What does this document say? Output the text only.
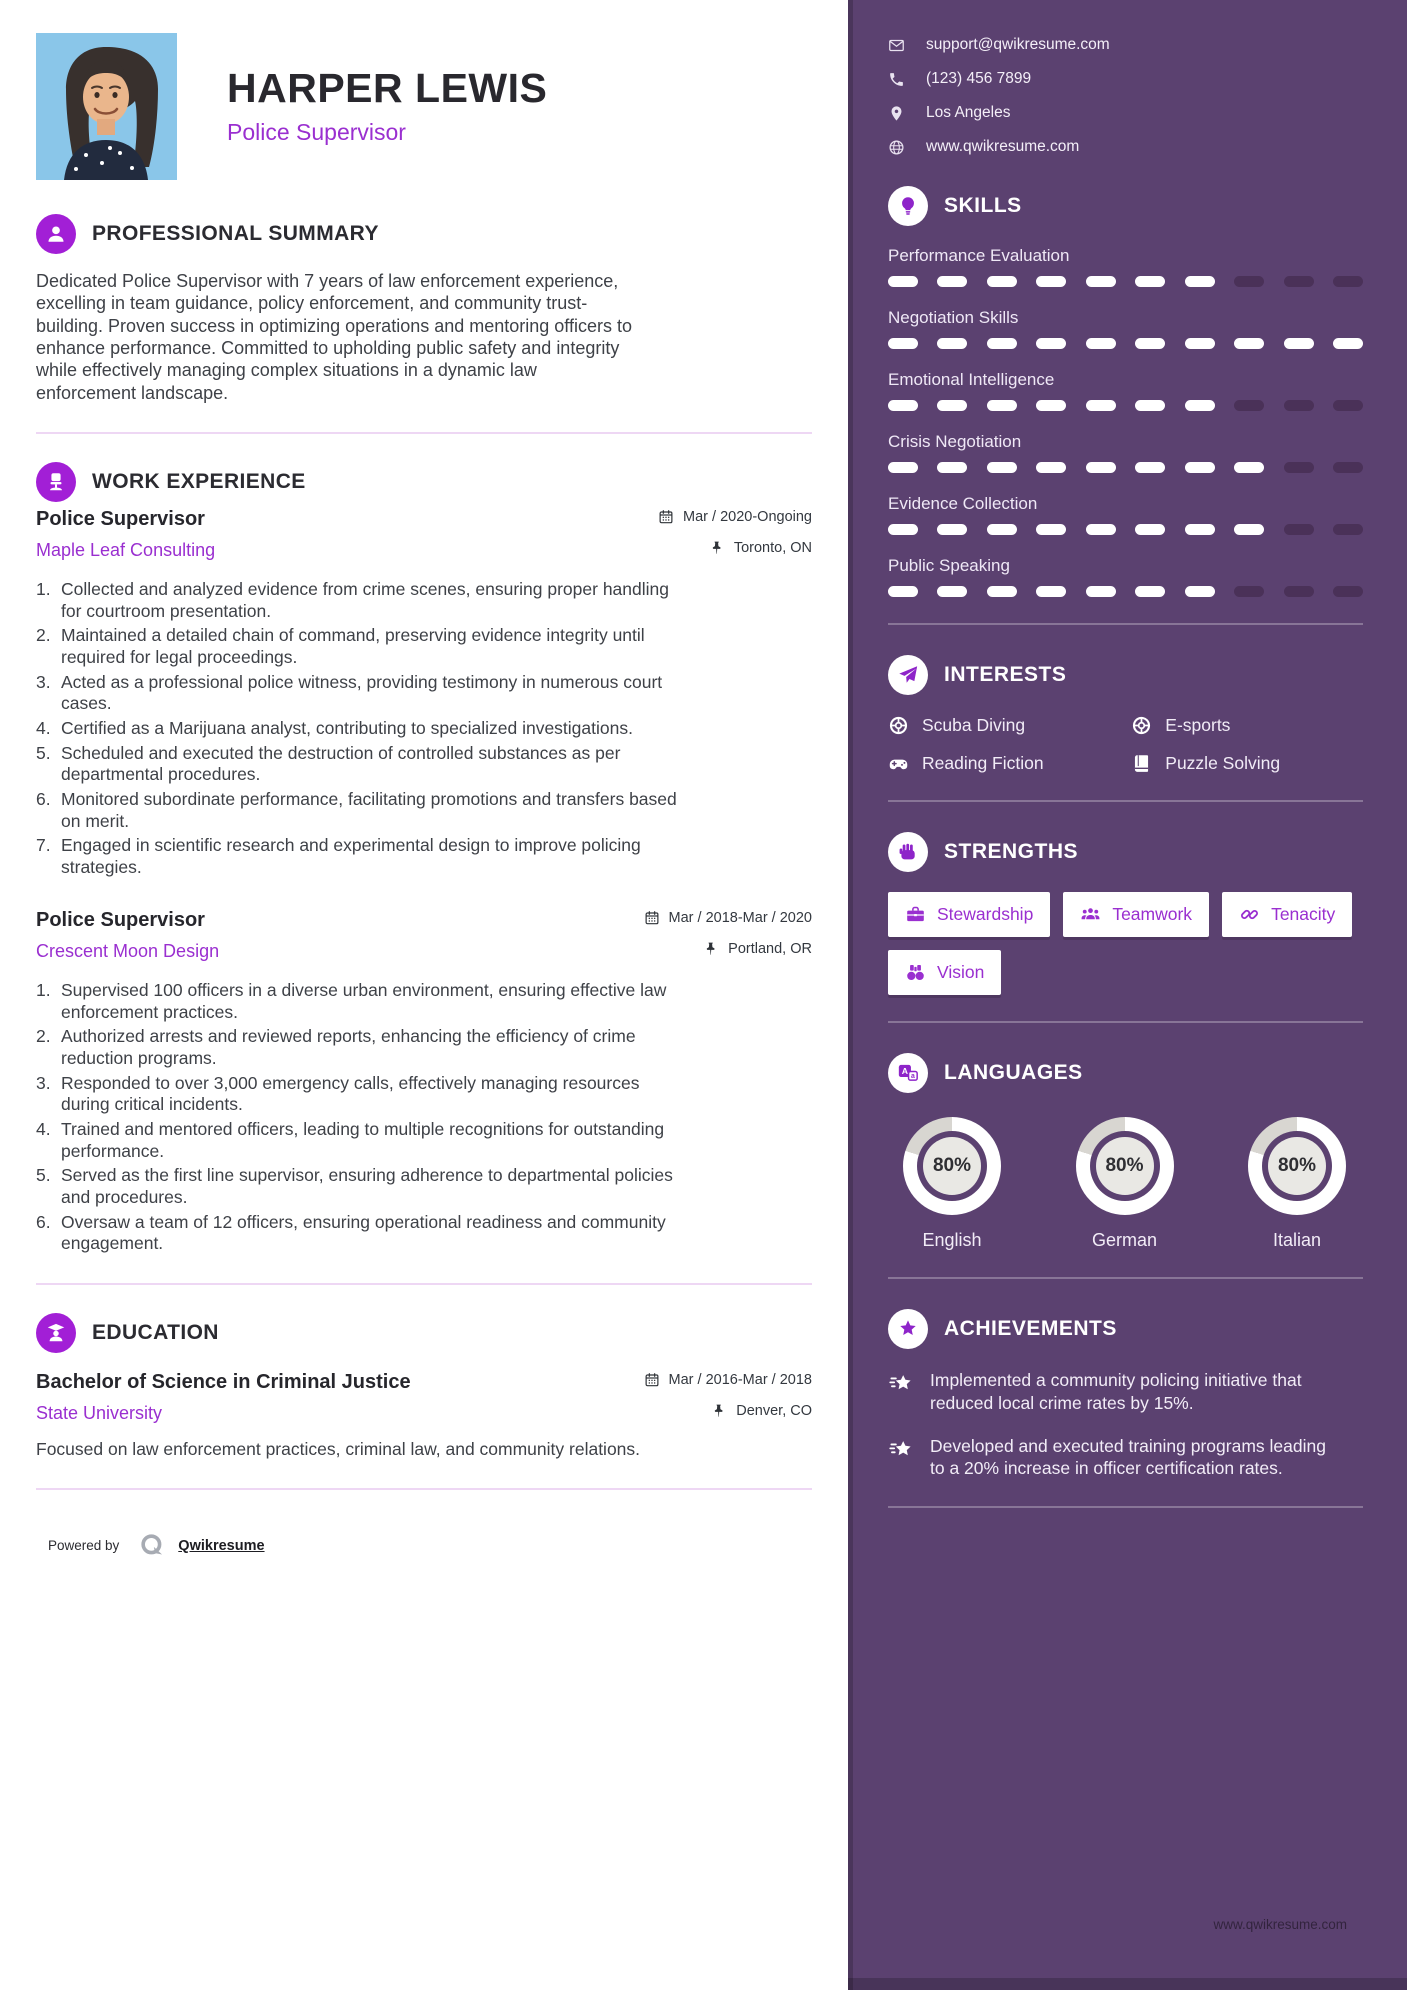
HARPER LEWIS
Police Supervisor
PROFESSIONAL SUMMARY

Dedicated Police Supervisor with 7 years of law enforcement experience, excelling in team guidance, policy enforcement, and community trust-building. Proven success in optimizing operations and mentoring officers to enhance performance. Committed to upholding public safety and integrity while effectively managing complex situations in a dynamic law enforcement landscape.

WORK EXPERIENCE
Police Supervisor	Mar / 2020-Ongoing
Maple Leaf Consulting	Toronto, ON
Collected and analyzed evidence from crime scenes, ensuring proper handling for courtroom presentation.
Maintained a detailed chain of command, preserving evidence integrity until required for legal proceedings.
Acted as a professional police witness, providing testimony in numerous court cases.
Certified as a Marijuana analyst, contributing to specialized investigations.
Scheduled and executed the destruction of controlled substances as per departmental procedures.
Monitored subordinate performance, facilitating promotions and transfers based on merit.
Engaged in scientific research and experimental design to improve policing strategies.
Police Supervisor	Mar / 2018-Mar / 2020
Crescent Moon Design	Portland, OR
Supervised 100 officers in a diverse urban environment, ensuring effective law enforcement practices.
Authorized arrests and reviewed reports, enhancing the efficiency of crime reduction programs.
Responded to over 3,000 emergency calls, effectively managing resources during critical incidents.
Trained and mentored officers, leading to multiple recognitions for outstanding performance.
Served as the first line supervisor, ensuring adherence to departmental policies and procedures.
Oversaw a team of 12 officers, ensuring operational readiness and community engagement.
EDUCATION
Bachelor of Science in Criminal Justice	Mar / 2016-Mar / 2018
State University	Denver, CO

Focused on law enforcement practices, criminal law, and community relations.

Powered by	Qwikresume
support@qwikresume.com
(123) 456 7899
Los Angeles
www.qwikresume.com
SKILLS
Performance Evaluation
Negotiation Skills
Emotional Intelligence
Crisis Negotiation
Evidence Collection
Public Speaking
INTERESTS
Scuba Diving	E-sports
Reading Fiction	Puzzle Solving
STRENGTHS
Stewardship	Teamwork	Tenacity
Vision
A
a LANGUAGES
80%
English
80%
German
80%
Italian
ACHIEVEMENTS

Implemented a community policing initiative that reduced local crime rates by 15%.

Developed and executed training programs leading to a 20% increase in officer certification rates.

www.qwikresume.com
